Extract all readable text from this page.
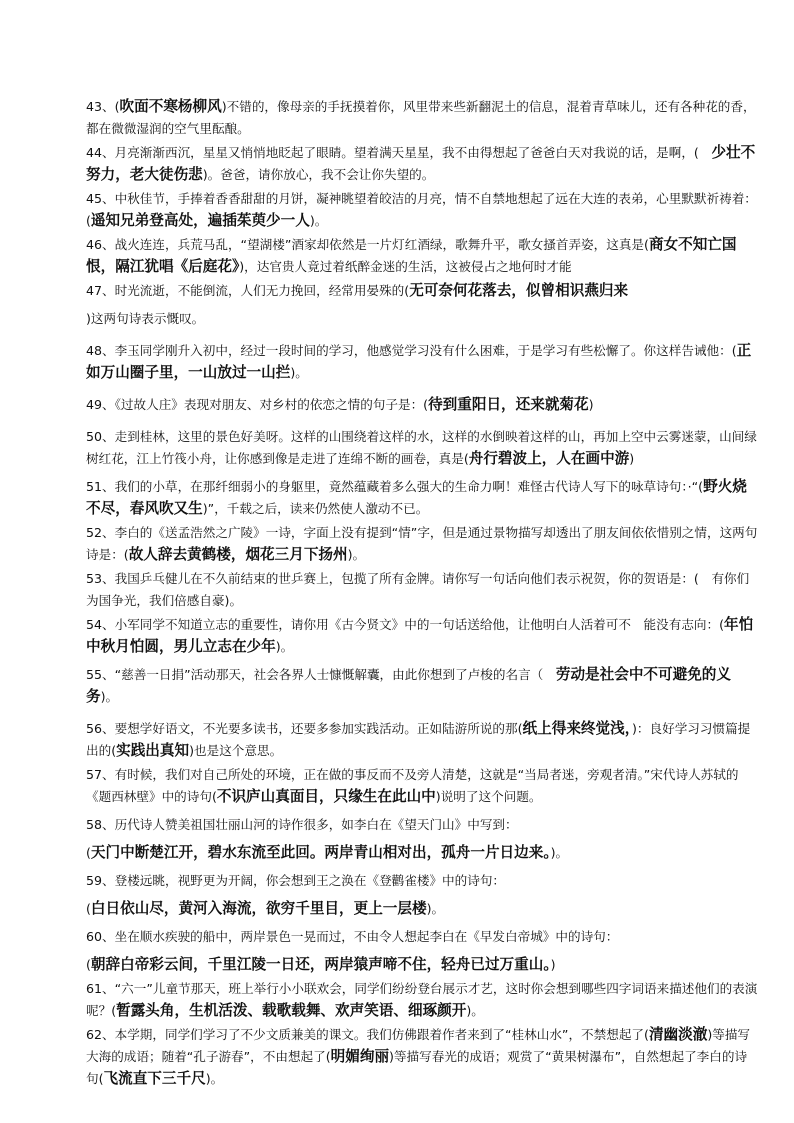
43、(吹面不寒杨柳风)不错的，像母亲的手抚摸着你，风里带来些新翻泥土的信息，混着青草味儿，还有各种花的香，都在微微湿润的空气里酝酿。

44、月亮渐渐西沉，星星又悄悄地眨起了眼睛。望着满天星星，我不由得想起了爸爸白天对我说的话，是啊，(　少壮不努力，老大徒伤悲)。爸爸，请你放心，我不会让你失望的。

45、中秋佳节，手捧着香香甜甜的月饼，凝神眺望着皎洁的月亮，情不自禁地想起了远在大连的表弟，心里默默祈祷着：(遥知兄弟登高处，遍插茱萸少一人)。

46、战火连连，兵荒马乱，“望湖楼”酒家却依然是一片灯红酒绿，歌舞升平，歌女搔首弄姿，这真是(商女不知亡国恨，隔江犹唱《后庭花》)，达官贵人竟过着纸醉金迷的生活，这被侵占之地何时才能

47、时光流逝，不能倒流，人们无力挽回，经常用晏殊的(无可奈何花落去，似曾相识燕归来

)这两句诗表示慨叹。

48、李玉同学刚升入初中，经过一段时间的学习，他感觉学习没有什么困难，于是学习有些松懈了。你这样告诫他：(正如万山圈子里，一山放过一山拦)。

49、《过故人庄》表现对朋友、对乡村的依恋之情的句子是：(待到重阳日，还来就菊花)

50、走到桂林，这里的景色好美呀。这样的山围绕着这样的水，这样的水倒映着这样的山，再加上空中云雾迷蒙，山间绿树红花，江上竹筏小舟，让你感到像是走进了连绵不断的画卷，真是(舟行碧波上，人在画中游)

51、我们的小草，在那纤细弱小的身躯里，竟然蕴藏着多么强大的生命力啊！难怪古代诗人写下的咏草诗句：·“(野火烧不尽，春风吹又生)”，千载之后，读来仍然使人激动不已。

52、李白的《送孟浩然之广陵》一诗，字面上没有提到“情”字，但是通过景物描写却透出了朋友间依依惜别之情，这两句诗是：(故人辞去黄鹤楼，烟花三月下扬州)。

53、我国乒乓健儿在不久前结束的世乒赛上，包揽了所有金牌。请你写一句话向他们表示祝贺，你的贺语是：(　有你们为国争光，我们倍感自豪)。

54、小军同学不知道立志的重要性，请你用《古今贤文》中的一句话送给他，让他明白人活着可不　能没有志向：(年怕中秋月怕圆，男儿立志在少年)。

55、“慈善一日捐”活动那天，社会各界人士慷慨解囊，由此你想到了卢梭的名言（　劳动是社会中不可避免的义务)。

56、要想学好语文，不光要多读书，还要多参加实践活动。正如陆游所说的那(纸上得来终觉浅，)：良好学习习惯篇提出的(实践出真知)也是这个意思。

57、有时候，我们对自己所处的环境，正在做的事反而不及旁人清楚，这就是“当局者迷，旁观者清。”宋代诗人苏轼的《题西林壁》中的诗句(不识庐山真面目，只缘生在此山中)说明了这个问题。

58、历代诗人赞美祖国壮丽山河的诗作很多，如李白在《望天门山》中写到：

(天门中断楚江开，碧水东流至此回。两岸青山相对出，孤舟一片日边来。)。

59、登楼远眺，视野更为开阔，你会想到王之涣在《登鹳雀楼》中的诗句：

(白日依山尽，黄河入海流，欲穷千里目，更上一层楼)。

60、坐在顺水疾驶的船中，两岸景色一晃而过，不由令人想起李白在《早发白帝城》中的诗句：

(朝辞白帝彩云间，千里江陵一日还，两岸猿声啼不住，轻舟已过万重山。)

61、“六一”儿童节那天，班上举行小小联欢会，同学们纷纷登台展示才艺，这时你会想到哪些四字词语来描述他们的表演呢？(暂露头角，生机活泼、载歌载舞、欢声笑语、细琢颜开)。

62、本学期，同学们学习了不少文质兼美的课文。我们仿佛跟着作者来到了“桂林山水”，不禁想起了(清幽淡澈)等描写大海的成语；随着“孔子游春”，不由想起了(明媚绚丽)等描写春光的成语；观赏了“黄果树瀑布”，自然想起了李白的诗句(飞流直下三千尺)。
